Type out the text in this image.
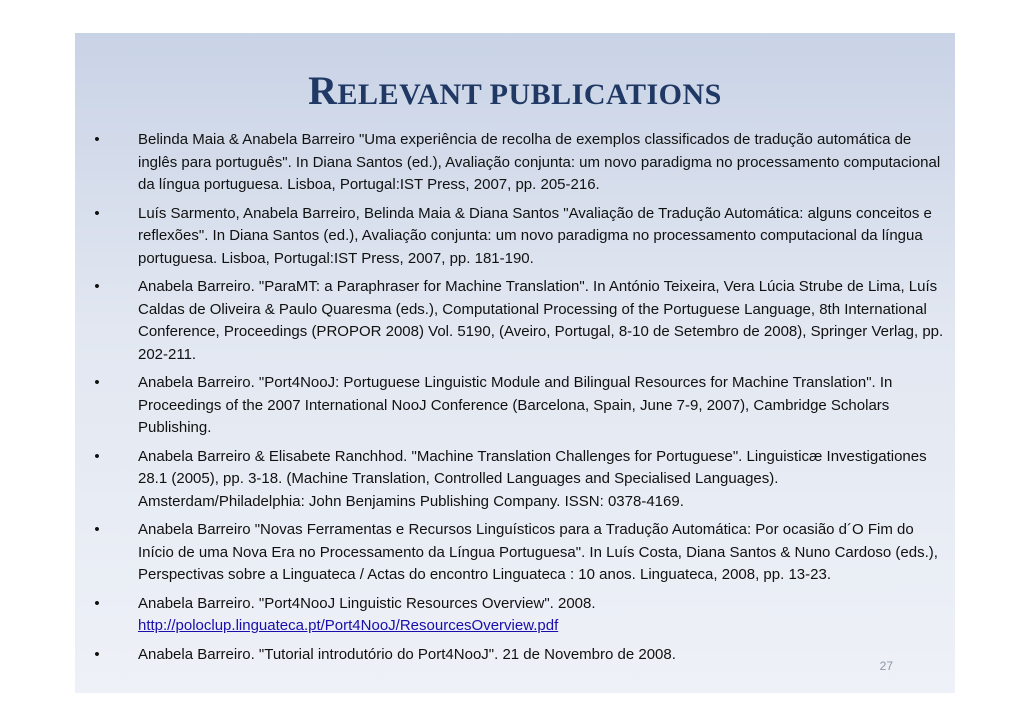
RELEVANT PUBLICATIONS
•	Belinda Maia & Anabela Barreiro "Uma experiência de recolha de exemplos classificados de tradução automática de inglês para português". In Diana Santos (ed.), Avaliação conjunta: um novo paradigma no processamento computacional da língua portuguesa. Lisboa, Portugal:IST Press, 2007, pp. 205-216.
•	Luís Sarmento, Anabela Barreiro, Belinda Maia & Diana Santos "Avaliação de Tradução Automática: alguns conceitos e reflexões". In Diana Santos (ed.), Avaliação conjunta: um novo paradigma no processamento computacional da língua portuguesa. Lisboa, Portugal:IST Press, 2007, pp. 181-190.
•	Anabela Barreiro. "ParaMT: a Paraphraser for Machine Translation". In António Teixeira, Vera Lúcia Strube de Lima, Luís Caldas de Oliveira & Paulo Quaresma (eds.), Computational Processing of the Portuguese Language, 8th International Conference, Proceedings (PROPOR 2008) Vol. 5190, (Aveiro, Portugal, 8-10 de Setembro de 2008), Springer Verlag, pp. 202-211.
•	Anabela Barreiro. "Port4NooJ: Portuguese Linguistic Module and Bilingual Resources for Machine Translation". In Proceedings of the 2007 International NooJ Conference (Barcelona, Spain, June 7-9, 2007), Cambridge Scholars Publishing.
•	Anabela Barreiro & Elisabete Ranchhod. "Machine Translation Challenges for Portuguese". Linguisticæ Investigationes 28.1 (2005), pp. 3-18. (Machine Translation, Controlled Languages and Specialised Languages). Amsterdam/Philadelphia: John Benjamins Publishing Company. ISSN: 0378-4169.
•	Anabela Barreiro "Novas Ferramentas e Recursos Linguísticos para a Tradução Automática: Por ocasião d´O Fim do Início de uma Nova Era no Processamento da Língua Portuguesa". In Luís Costa, Diana Santos & Nuno Cardoso (eds.), Perspectivas sobre a Linguateca / Actas do encontro Linguateca : 10 anos. Linguateca, 2008, pp. 13-23.
•	Anabela Barreiro. "Port4NooJ Linguistic Resources Overview". 2008.
http://poloclup.linguateca.pt/Port4NooJ/ResourcesOverview.pdf
•	Anabela Barreiro. "Tutorial introdutório do Port4NooJ". 21 de Novembro de 2008.
27
